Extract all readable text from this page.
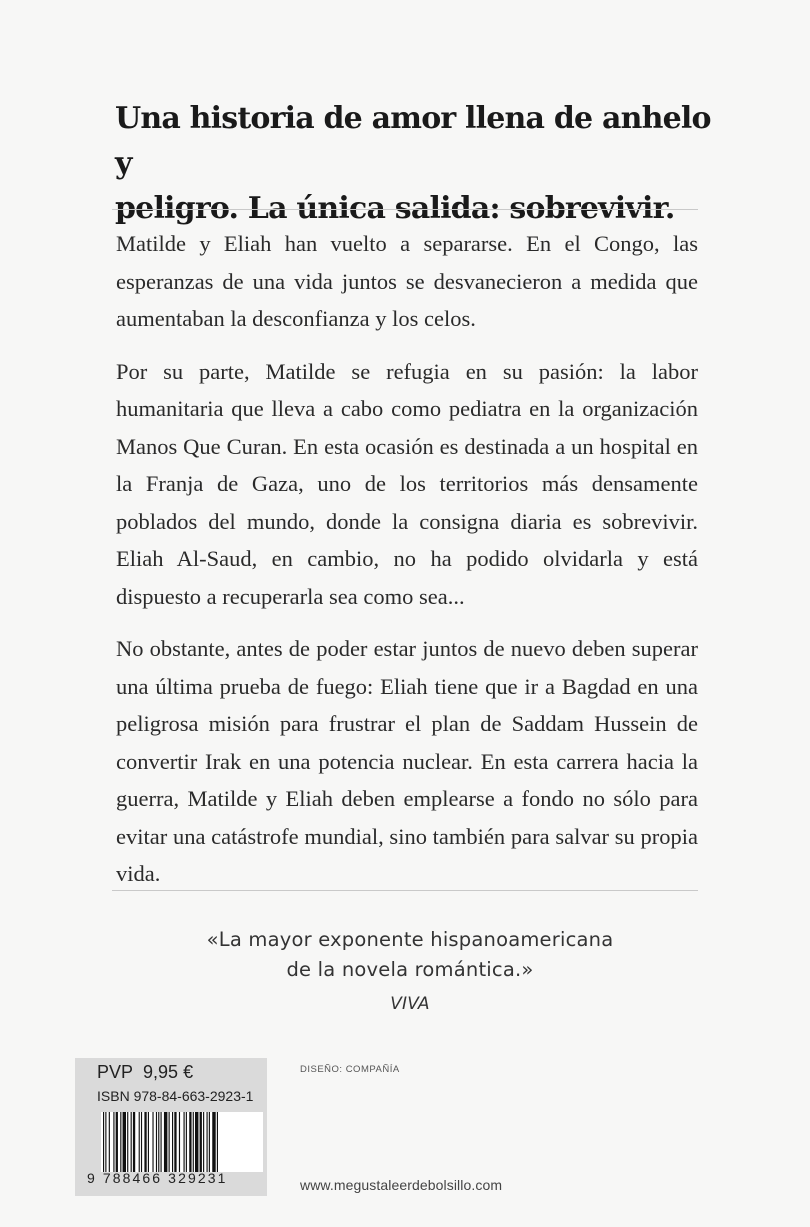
Una historia de amor llena de anhelo y
peligro. La única salida: sobrevivir.

Matilde y Eliah han vuelto a separarse. En el Congo, las esperanzas de una vida juntos se desvanecieron a medida que aumentaban la desconfianza y los celos.

Por su parte, Matilde se refugia en su pasión: la labor humanitaria que lleva a cabo como pediatra en la organización Manos Que Curan. En esta ocasión es destinada a un hospital en la Franja de Gaza, uno de los territorios más densamente poblados del mundo, donde la consigna diaria es sobrevivir. Eliah Al-Saud, en cambio, no ha podido olvidarla y está dispuesto a recuperarla sea como sea...

No obstante, antes de poder estar juntos de nuevo deben superar una última prueba de fuego: Eliah tiene que ir a Bagdad en una peligrosa misión para frustrar el plan de Saddam Hussein de convertir Irak en una potencia nuclear. En esta carrera hacia la guerra, Matilde y Eliah deben emplearse a fondo no sólo para evitar una catástrofe mundial, sino también para salvar su propia vida.

«La mayor exponente hispanoamericana
de la novela romántica.»
VIVA
PVP 9,95 €
ISBN 978-84-663-2923-1
9 788466 329231
DISEÑO: COMPAÑÍA
www.megustaleerdebolsillo.com
